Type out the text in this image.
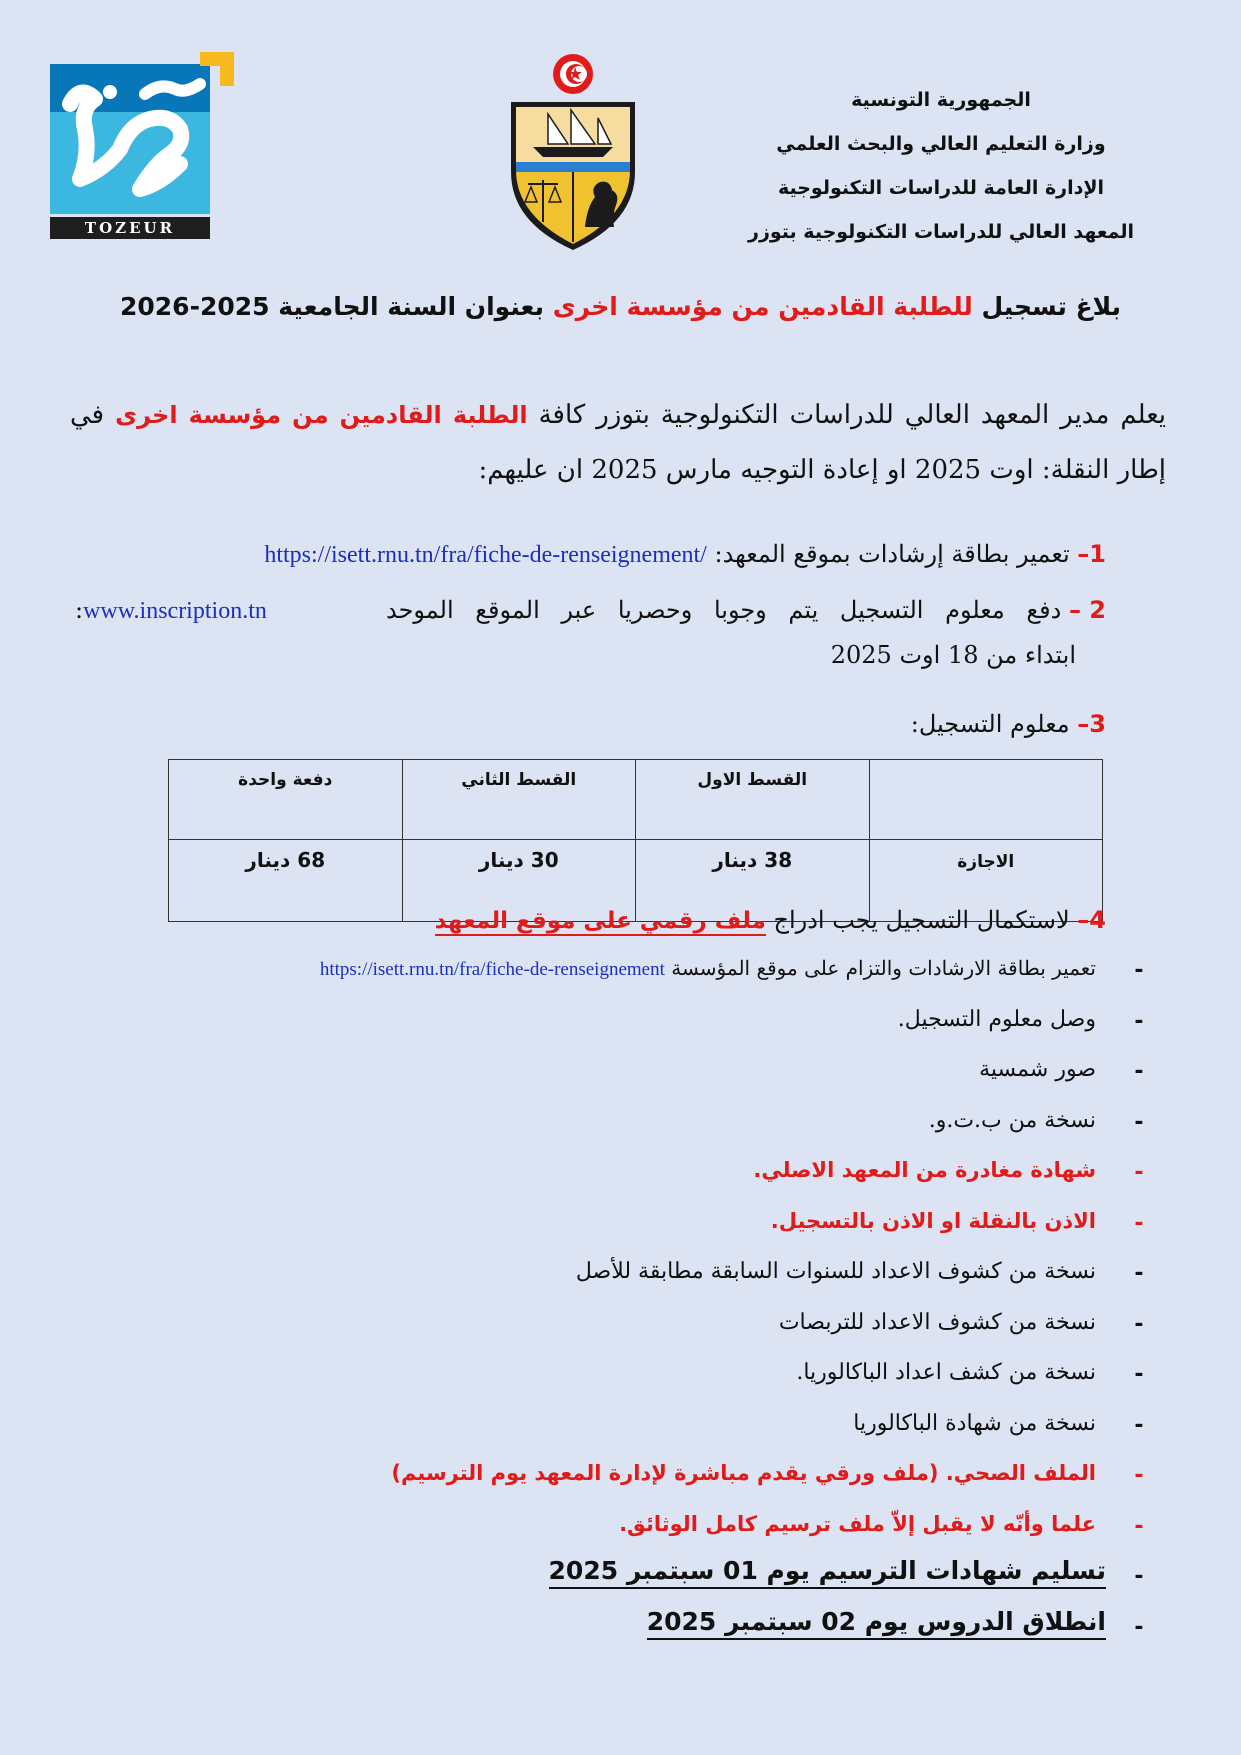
TOZEUR
الجمهورية التونسية
وزارة التعليم العالي والبحث العلمي
الإدارة العامة للدراسات التكنولوجية
المعهد العالي للدراسات التكنولوجية بتوزر
بلاغ تسجيل للطلبة القادمين من مؤسسة اخرى بعنوان السنة الجامعية 2025-2026
يعلم مدير المعهد العالي للدراسات التكنولوجية بتوزر كافة الطلبة القادمين من مؤسسة اخرى في إطار النقلة: اوت 2025 او إعادة التوجيه مارس 2025 ان عليهم:
1– تعمير بطاقة إرشادات بموقع المعهد: https://isett.rnu.tn/fra/fiche-de-renseignement/
2 – دفع معلوم التسجيل يتم وجوبا وحصريا عبر الموقع الموحد
www.inscription.tn:
ابتداء من 18 اوت 2025
3– معلوم التسجيل:
	القسط الاول	القسط الثاني	دفعة واحدة
الاجازة	38 دينار	30 دينار	68 دينار
4– لاستكمال التسجيل يجب ادراج ملف رقمي على موقع المعهد
-
تعمير بطاقة الارشادات والتزام على موقع المؤسسة https://isett.rnu.tn/fra/fiche-de-renseignement
-
وصل معلوم التسجيل.
-
صور شمسية
-
نسخة من ب.ت.و.
-
شهادة مغادرة من المعهد الاصلي.
-
الاذن بالنقلة او الاذن بالتسجيل.
-
نسخة من كشوف الاعداد للسنوات السابقة مطابقة للأصل
-
نسخة من كشوف الاعداد للتربصات
-
نسخة من كشف اعداد الباكالوريا.
-
نسخة من شهادة الباكالوريا
-
الملف الصحي. (ملف ورقي يقدم مباشرة لإدارة المعهد يوم الترسيم)
-
علما وأنّه لا يقبل إلاّ ملف ترسيم كامل الوثائق.
-
تسليم شهادات الترسيم يوم 01 سبتمبر 2025
-
انطلاق الدروس يوم 02 سبتمبر 2025
